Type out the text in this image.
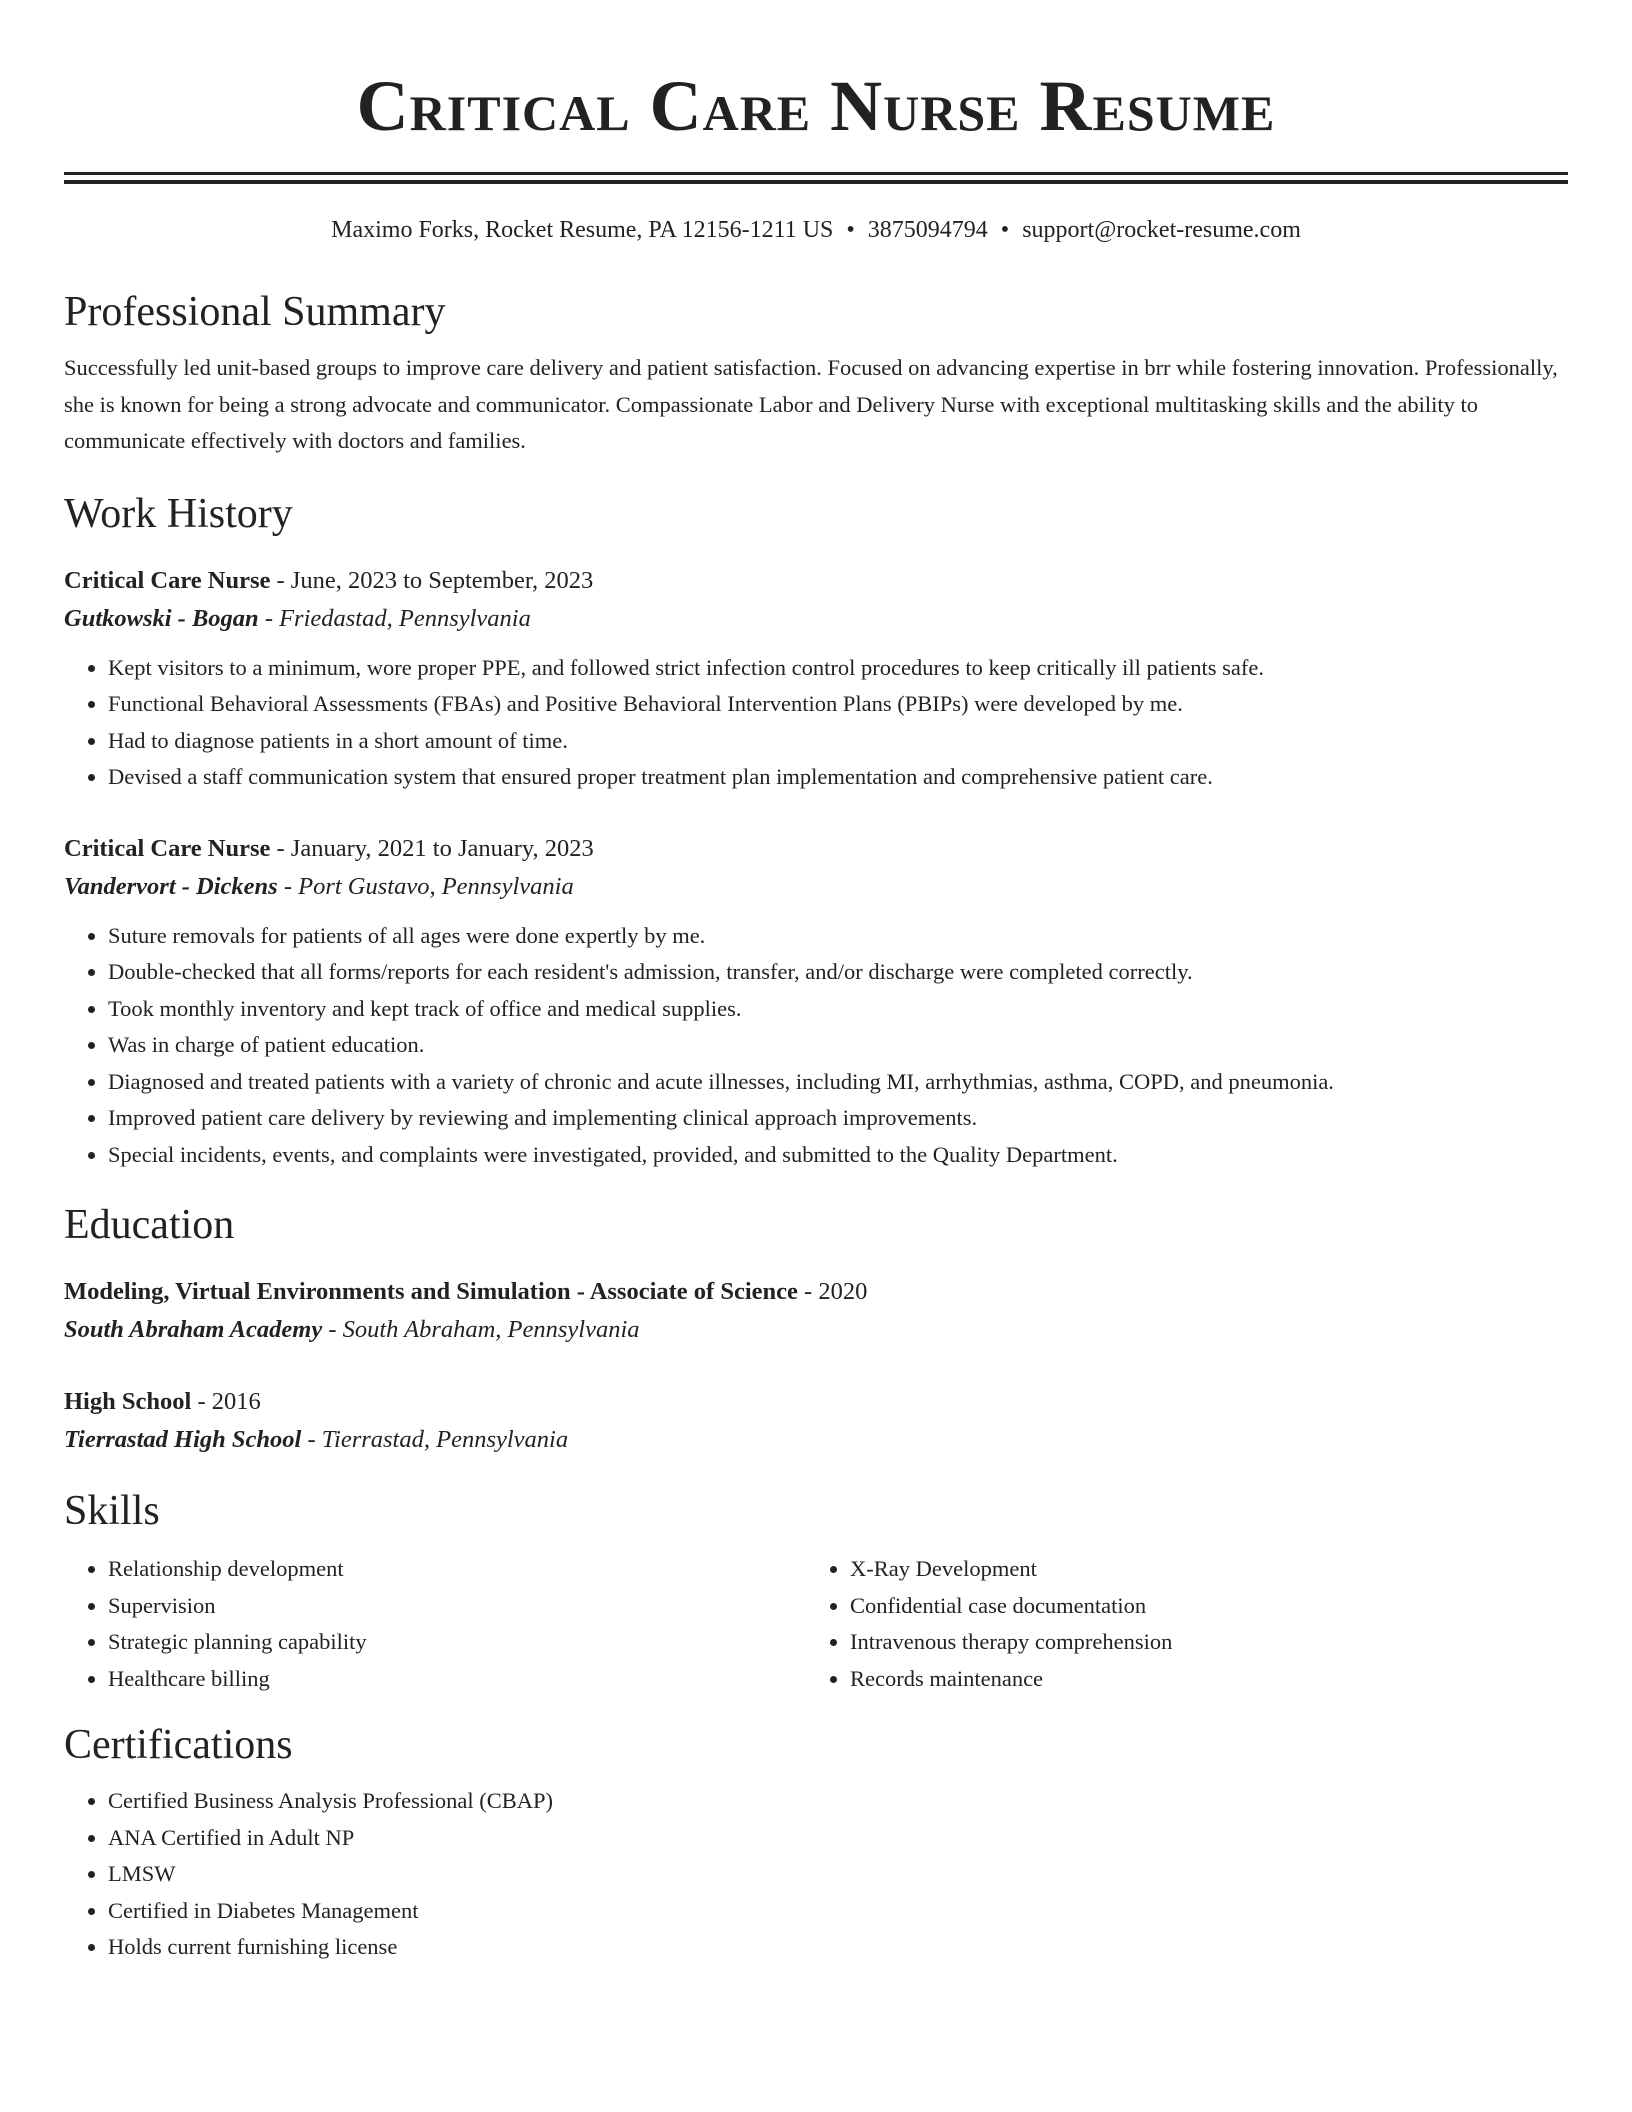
Critical Care Nurse Resume
Maximo Forks, Rocket Resume, PA 12156-1211 US • 3875094794 • support@rocket-resume.com
Professional Summary

Successfully led unit-based groups to improve care delivery and patient satisfaction. Focused on advancing expertise in brr while fostering innovation. Professionally, she is known for being a strong advocate and communicator. Compassionate Labor and Delivery Nurse with exceptional multitasking skills and the ability to communicate effectively with doctors and families.

Work History
Critical Care Nurse - June, 2023 to September, 2023
Gutkowski - Bogan - Friedastad, Pennsylvania
• Kept visitors to a minimum, wore proper PPE, and followed strict infection control procedures to keep critically ill patients safe.
• Functional Behavioral Assessments (FBAs) and Positive Behavioral Intervention Plans (PBIPs) were developed by me.
• Had to diagnose patients in a short amount of time.
• Devised a staff communication system that ensured proper treatment plan implementation and comprehensive patient care.
Critical Care Nurse - January, 2021 to January, 2023
Vandervort - Dickens - Port Gustavo, Pennsylvania
• Suture removals for patients of all ages were done expertly by me.
• Double-checked that all forms/reports for each resident's admission, transfer, and/or discharge were completed correctly.
• Took monthly inventory and kept track of office and medical supplies.
• Was in charge of patient education.
• Diagnosed and treated patients with a variety of chronic and acute illnesses, including MI, arrhythmias, asthma, COPD, and pneumonia.
• Improved patient care delivery by reviewing and implementing clinical approach improvements.
• Special incidents, events, and complaints were investigated, provided, and submitted to the Quality Department.
Education
Modeling, Virtual Environments and Simulation - Associate of Science - 2020
South Abraham Academy - South Abraham, Pennsylvania
High School - 2016
Tierrastad High School - Tierrastad, Pennsylvania
Skills
• Relationship development
• Supervision
• Strategic planning capability
• Healthcare billing
• X-Ray Development
• Confidential case documentation
• Intravenous therapy comprehension
• Records maintenance
Certifications
• Certified Business Analysis Professional (CBAP)
• ANA Certified in Adult NP
• LMSW
• Certified in Diabetes Management
• Holds current furnishing license
